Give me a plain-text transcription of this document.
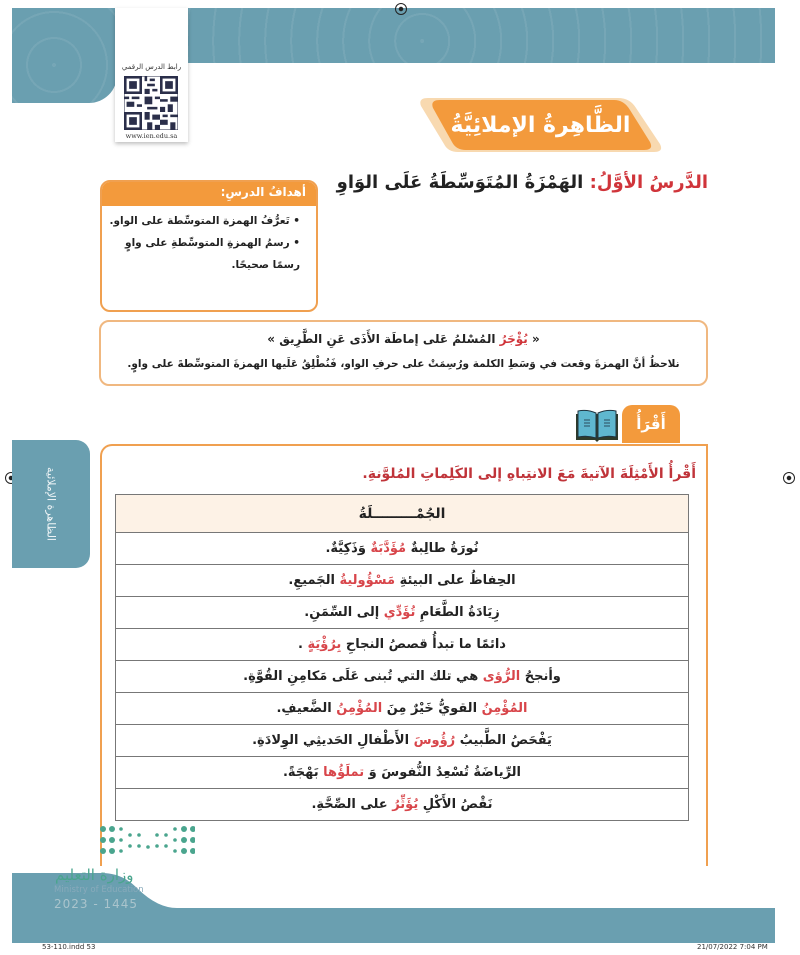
رابط الدرس الرقمي
www.ien.edu.sa	الظَّاهِرةُ الإملائِيَّةُ
الدَّرسُ الأوَّلُ: الهَمْزَةُ المُتَوَسِّطَةُ عَلَى الوَاوِ
أهدافُ الدرسِ:
• تَعرُّفُ الهمزة المتوسِّطة على الواو.
• رسمُ الهمزةِ المتوسِّطةِ على واوٍ رسمًا صحيحًا.
« يُؤْجَرُ المُسْلمُ عَلى إماطَة الأَذَى عَنِ الطَّرِيق »
نلاحظُ أنَّ الهمزةَ وقعت في وَسَطِ الكلمة ورُسِمَتْ على حرفِ الواو، فَنُطْلِقُ عَلَيها الهمزةَ المتوسِّطةَ على واوٍ.
الظاهرة الإملائية
أَقْرَأُ
أَقْرأُ الأَمْثِلَةَ الآتيةَ مَعَ الانتِباهِ إلى الكَلِماتِ المُلوَّنةِ.
الجُمْـــــــــلَةُ
نُورَةُ طالِبةٌ مُؤَدَّبَةٌ وَذَكِيَّةٌ.
الحِفاظُ على البيئةِ مَسْؤُوليةُ الجَميعِ.
زِيَادَةُ الطَّعَامِ تُؤَدِّي إلى السِّمَنِ.
دائمًا ما تبدأُ قصصُ النجاحِ بِرُؤْيَةٍ .
وأنجحُ الرُّؤى هي تلك التي تُبنى عَلَى مَكامِنِ القُوَّةِ.
المُؤْمِنُ القويُّ خَيْرٌ مِنَ المُؤْمِنُ الضَّعيفِ.
يَفْحَصُ الطَّبيبُ رُؤُوسَ الأَطْفالِ الحَديثِي الوِلادَةِ.
الرِّياضَةُ تُسْعِدُ النُّفوسَ وَ تملَؤُها بَهْجَةً.
نَقْصُ الأَكْلِ يُؤَثِّرُ على الصِّحَّةِ.
وزارة التعليم
Ministry of Education
2023 - 1445
53-110.indd 53	21/07/2022 7:04 PM
